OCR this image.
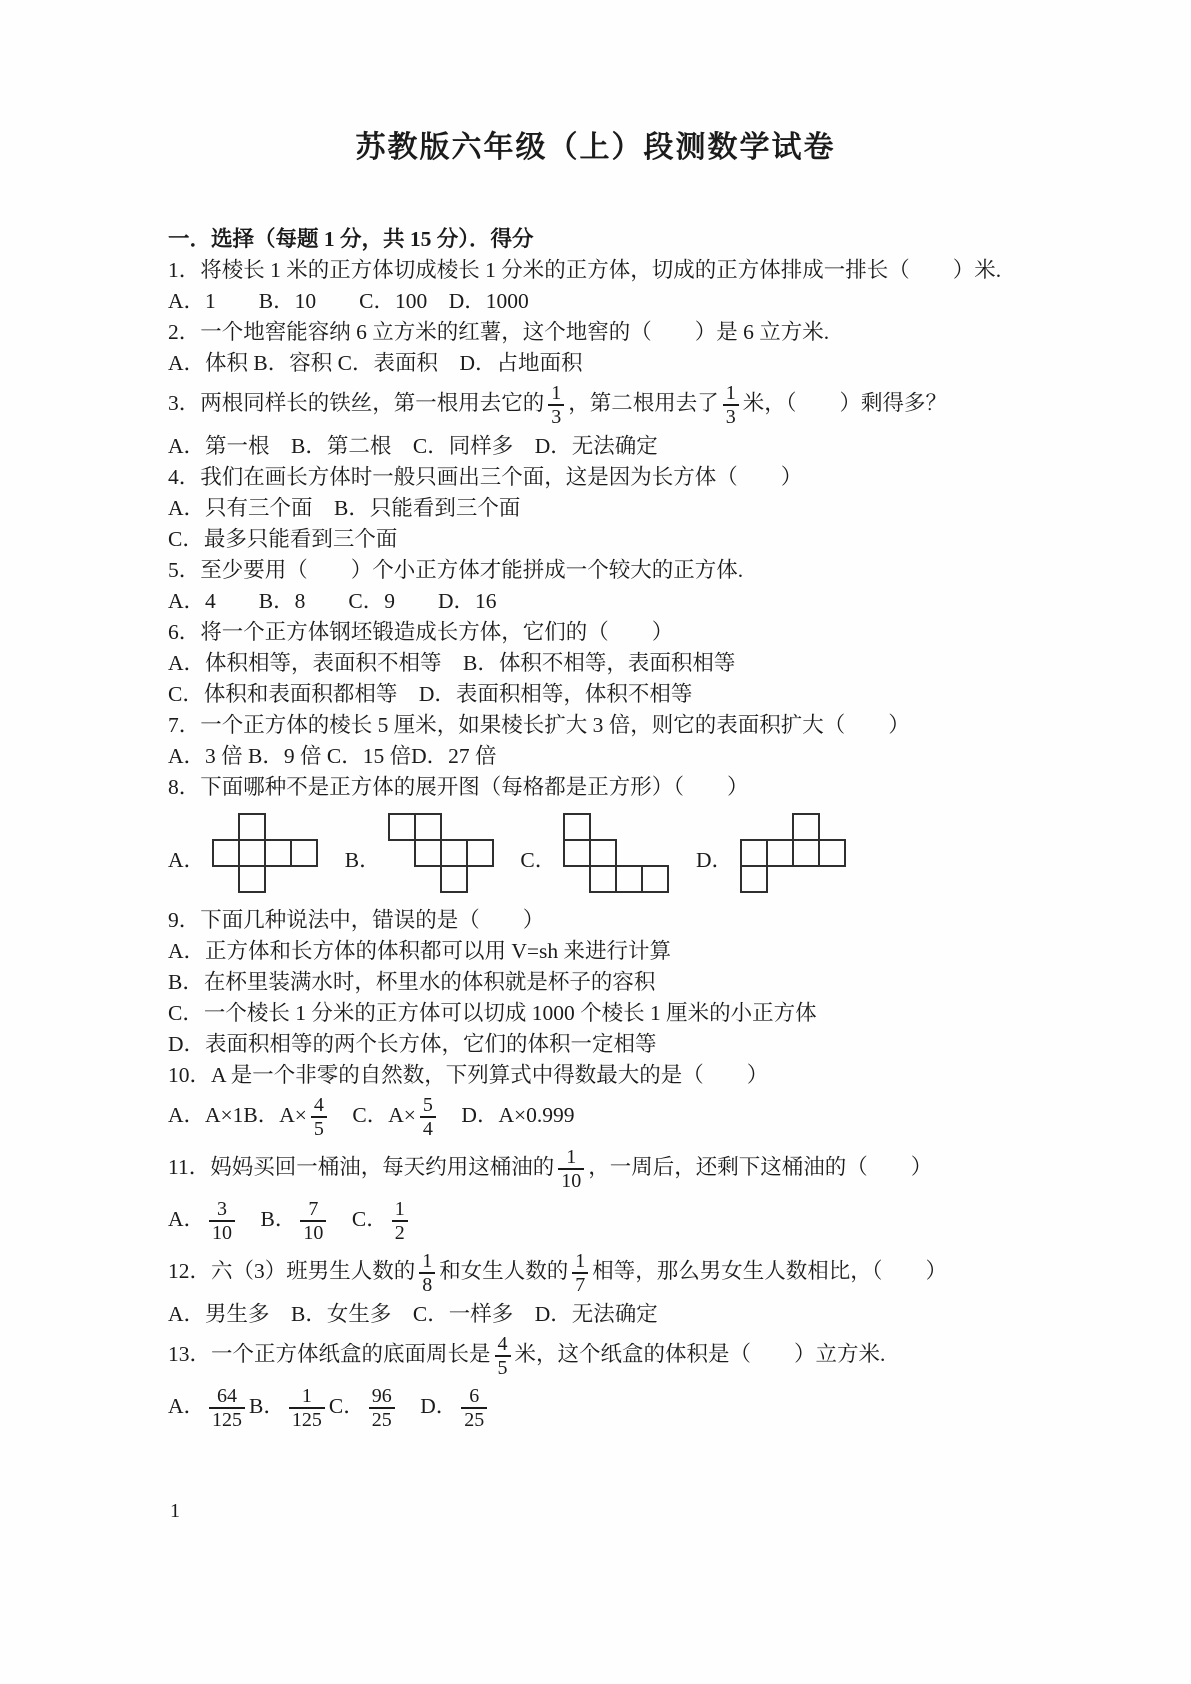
苏教版六年级（上）段测数学试卷
一．选择（每题 1 分，共 15 分）．得分
1．将棱长 1 米的正方体切成棱长 1 分米的正方体，切成的正方体排成一排长（　　）米.
A．1　　B．10　　C．100　D．1000
2．一个地窖能容纳 6 立方米的红薯，这个地窖的（　　）是 6 立方米.
A．体积 B．容积 C．表面积　D．占地面积
3．两根同样长的铁丝，第一根用去它的 $\frac{1}{3}$ ，第二根用去了 $\frac{1}{3}$ 米，（　　）剩得多？
A．第一根　B．第二根　C．同样多　D．无法确定
4．我们在画长方体时一般只画出三个面，这是因为长方体（　　）
A．只有三个面　B．只能看到三个面
C．最多只能看到三个面
5．至少要用（　　）个小正方体才能拼成一个较大的正方体.
A．4　　B．8　　C．9　　D．16
6．将一个正方体钢坯锻造成长方体，它们的（　　）
A．体积相等，表面积不相等　B．体积不相等，表面积相等
C．体积和表面积都相等　D．表面积相等，体积不相等
7．一个正方体的棱长 5 厘米，如果棱长扩大 3 倍，则它的表面积扩大（　　）
A．3 倍 B．9 倍 C．15 倍D．27 倍
8．下面哪种不是正方体的展开图（每格都是正方形）（　　）
A．	B．	C．	D．
9．下面几种说法中，错误的是（　　）
A．正方体和长方体的体积都可以用 V=sh 来进行计算
B．在杯里装满水时，杯里水的体积就是杯子的容积
C．一个棱长 1 分米的正方体可以切成 1000 个棱长 1 厘米的小正方体
D．表面积相等的两个长方体，它们的体积一定相等
10．A 是一个非零的自然数，下列算式中得数最大的是（　　）
A．A×1B．$A\times \frac{4}{5}$ 　C．$A\times \frac{5}{4}$ 　D．A×0.999
11．妈妈买回一桶油，每天约用这桶油的 $\frac{1}{10}$ ，一周后，还剩下这桶油的（　　）
A． $\frac{3}{10}$ 　B． $\frac{7}{10}$ 　C． $\frac{1}{2}$
12．六（3）班男生人数的 $\frac{1}{8}$ 和女生人数的 $\frac{1}{7}$ 相等，那么男女生人数相比，（　　）
A．男生多　B．女生多　C．一样多　D．无法确定
13．一个正方体纸盒的底面周长是 $\frac{4}{5}$ 米，这个纸盒的体积是（　　）立方米.
A． $\frac{64}{125}$ B． $\frac{1}{125}$ C． $\frac{96}{25}$ 　D． $\frac{6}{25}$
1
